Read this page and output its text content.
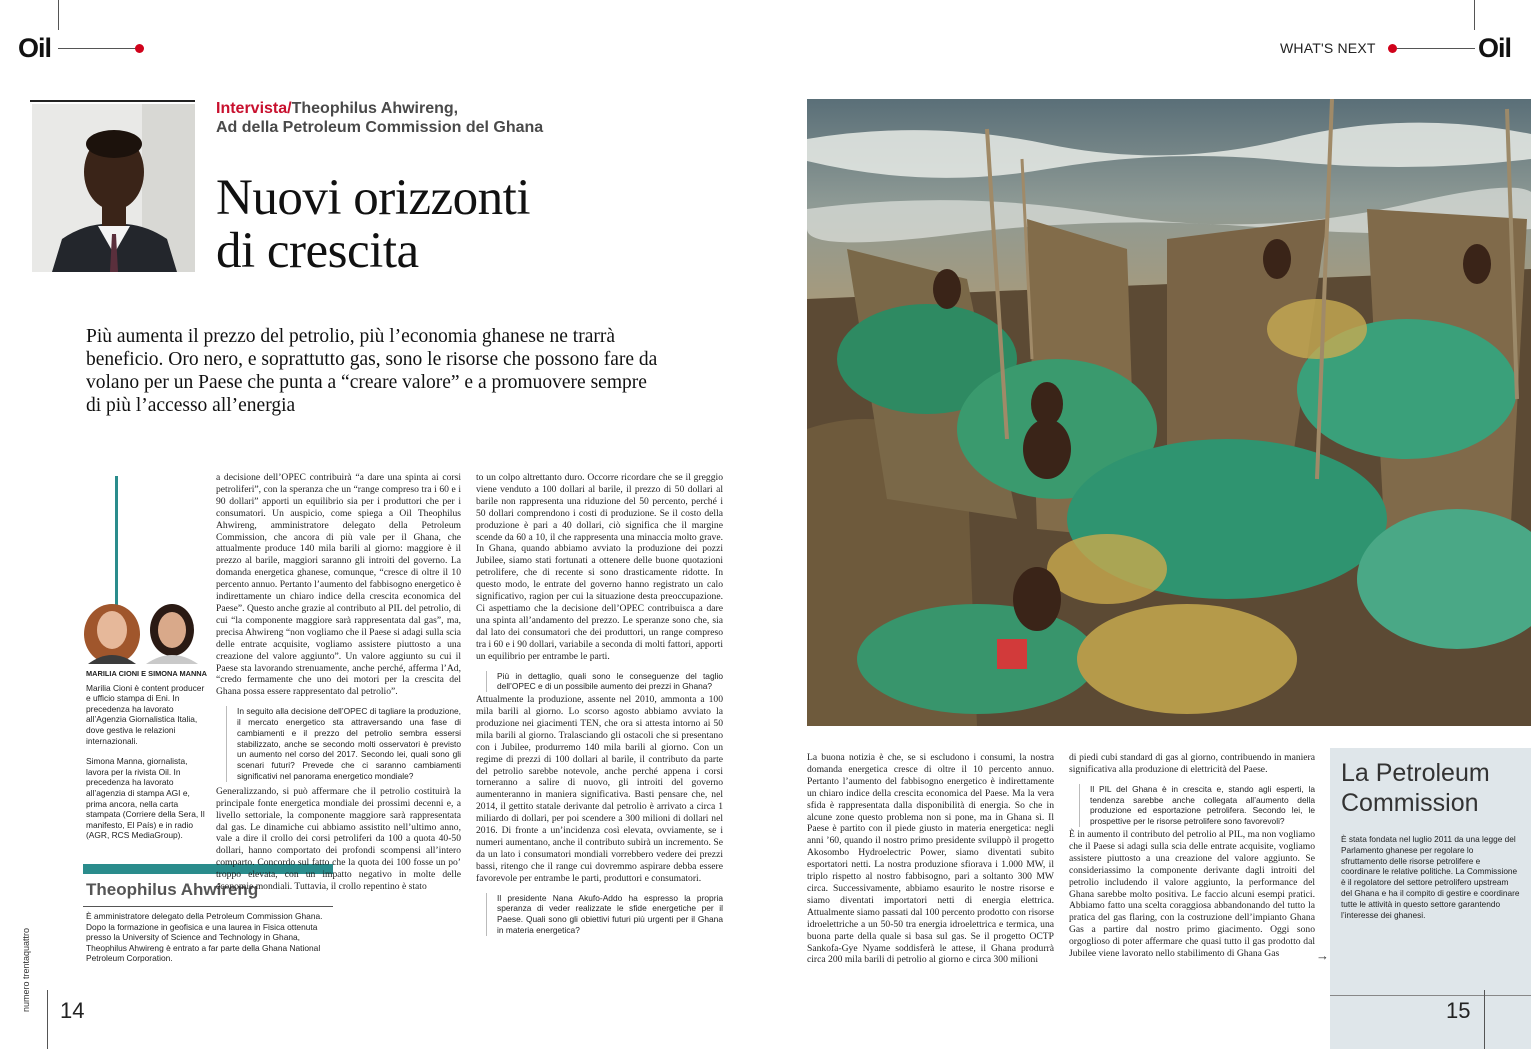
Oil	WHAT'S NEXT	Oil
Intervista/Theophilus Ahwireng,
Ad della Petroleum Commission del Ghana
Nuovi orizzonti
di crescita
Più aumenta il prezzo del petrolio, più l’economia ghanese ne trarrà beneficio. Oro nero, e soprattutto gas, sono le risorse che possono fare da volano per un Paese che punta a “creare valore” e a promuovere sempre di più l’accesso all’energia
MARILIA CIONI E SIMONA MANNA

Marilia Cioni è content producer e ufficio stampa di Eni. In precedenza ha lavorato all’Agenzia Giornalistica Italia, dove gestiva le relazioni internazionali.

Simona Manna, giornalista, lavora per la rivista Oil. In precedenza ha lavorato all’agenzia di stampa AGI e, prima ancora, nella carta stampata (Corriere della Sera, Il manifesto, El País) e in radio (AGR, RCS MediaGroup).

Theophilus Ahwireng
È amministratore delegato della Petroleum Commission Ghana. Dopo la formazione in geofisica e una laurea in Fisica ottenuta presso la University of Science and Technology in Ghana, Theophilus Ahwireng è entrato a far parte della Ghana National Petroleum Corporation.
numero trentaquattro 14

a decisione dell’OPEC contribuirà “a dare una spinta ai corsi petroliferi”, con la speranza che un “range compreso tra i 60 e i 90 dollari” apporti un equilibrio sia per i produttori che per i consumatori. Un auspicio, come spiega a Oil Theophilus Ahwireng, amministratore delegato della Petroleum Commission, che ancora di più vale per il Ghana, che attualmente produce 140 mila barili al giorno: maggiore è il prezzo al barile, maggiori saranno gli introiti del governo. La domanda energetica ghanese, comunque, “cresce di oltre il 10 percento annuo. Pertanto l’aumento del fabbisogno energetico è indirettamente un chiaro indice della crescita economica del Paese”. Questo anche grazie al contributo al PIL del petrolio, di cui “la componente maggiore sarà rappresentata dal gas”, ma, precisa Ahwireng “non vogliamo che il Paese si adagi sulla scia delle entrate acquisite, vogliamo assistere piuttosto a una creazione del valore aggiunto”. Un valore aggiunto su cui il Paese sta lavorando strenuamente, anche perché, afferma l’Ad, “credo fermamente che uno dei motori per la crescita del Ghana possa essere rappresentato dal petrolio”.

In seguito alla decisione dell’OPEC di tagliare la produzione, il mercato energetico sta attraversando una fase di cambiamenti e il prezzo del petrolio sembra essersi stabilizzato, anche se secondo molti osservatori è previsto un aumento nel corso del 2017. Secondo lei, quali sono gli scenari futuri? Prevede che ci saranno cambiamenti significativi nel panorama energetico mondiale?

Generalizzando, si può affermare che il petrolio costituirà la principale fonte energetica mondiale dei prossimi decenni e, a livello settoriale, la componente maggiore sarà rappresentata dal gas. Le dinamiche cui abbiamo assistito nell’ultimo anno, vale a dire il crollo dei corsi petroliferi da 100 a quota 40-50 dollari, hanno comportato dei profondi scompensi all’intero comparto. Concordo sul fatto che la quota dei 100 fosse un po’ troppo elevata, con un impatto negativo in molte delle economie mondiali. Tuttavia, il crollo repentino è stato

to un colpo altrettanto duro. Occorre ricordare che se il greggio viene venduto a 100 dollari al barile, il prezzo di 50 dollari al barile non rappresenta una riduzione del 50 percento, perché i 50 dollari comprendono i costi di produzione. Se il costo della produzione è pari a 40 dollari, ciò significa che il margine scende da 60 a 10, il che rappresenta una minaccia molto grave. In Ghana, quando abbiamo avviato la produzione dei pozzi Jubilee, siamo stati fortunati a ottenere delle buone quotazioni petrolifere, che di recente si sono drasticamente ridotte. In questo modo, le entrate del governo hanno registrato un calo significativo, ragion per cui la situazione desta preoccupazione. Ci aspettiamo che la decisione dell’OPEC contribuisca a dare una spinta all’andamento del prezzo. Le speranze sono che, sia dal lato dei consumatori che dei produttori, un range compreso tra i 60 e i 90 dollari, variabile a seconda di molti fattori, apporti un equilibrio per entrambe le parti.

Più in dettaglio, quali sono le conseguenze del taglio dell’OPEC e di un possibile aumento dei prezzi in Ghana?

Attualmente la produzione, assente nel 2010, ammonta a 100 mila barili al giorno. Lo scorso agosto abbiamo avviato la produzione nei giacimenti TEN, che ora si attesta intorno ai 50 mila barili al giorno. Tralasciando gli ostacoli che si presentano con i Jubilee, produrremo 140 mila barili al giorno. Con un regime di prezzi di 100 dollari al barile, il contributo da parte del petrolio sarebbe notevole, anche perché appena i corsi torneranno a salire di nuovo, gli introiti del governo aumenteranno in maniera significativa. Basti pensare che, nel 2014, il gettito statale derivante dal petrolio è arrivato a circa 1 miliardo di dollari, per poi scendere a 300 milioni di dollari nel 2016. Di fronte a un’incidenza così elevata, ovviamente, se i numeri aumentano, anche il contributo subirà un incremento. Se da un lato i consumatori mondiali vorrebbero vedere dei prezzi bassi, ritengo che il range cui dovremmo aspirare debba essere favorevole per entrambe le parti, produttori e consumatori.

Il presidente Nana Akufo-Addo ha espresso la propria speranza di veder realizzate le sfide energetiche per il Paese. Quali sono gli obiettivi futuri più urgenti per il Ghana in materia energetica?

La buona notizia è che, se si escludono i consumi, la nostra domanda energetica cresce di oltre il 10 percento annuo. Pertanto l’aumento del fabbisogno energetico è indirettamente un chiaro indice della crescita economica del Paese. Ma la vera sfida è rappresentata dalla disponibilità di energia. So che in alcune zone questo problema non si pone, ma in Ghana sì. Il Paese è partito con il piede giusto in materia energetica: negli anni ’60, quando il nostro primo presidente sviluppò il progetto Akosombo Hydroelectric Power, siamo diventati subito esportatori netti. La nostra produzione sfiorava i 1.000 MW, il triplo rispetto al nostro fabbisogno, pari a soltanto 300 MW circa. Successivamente, abbiamo esaurito le nostre risorse e siamo diventati importatori netti di energia elettrica. Attualmente siamo passati dal 100 percento prodotto con risorse idroelettriche a un 50-50 tra energia idroelettrica e termica, una buona parte della quale si basa sul gas. Se il progetto OCTP Sankofa-Gye Nyame soddisferà le attese, il Ghana produrrà circa 200 mila barili di petrolio al giorno e circa 300 milioni

di piedi cubi standard di gas al giorno, contribuendo in maniera significativa alla produzione di elettricità del Paese.

Il PIL del Ghana è in crescita e, stando agli esperti, la tendenza sarebbe anche collegata all’aumento della produzione ed esportazione petrolifera. Secondo lei, le prospettive per le risorse petrolifere sono favorevoli?

È in aumento il contributo del petrolio al PIL, ma non vogliamo che il Paese si adagi sulla scia delle entrate acquisite, vogliamo assistere piuttosto a una creazione del valore aggiunto. Se consideriassimo la componente derivante dagli introiti del petrolio includendo il valore aggiunto, la performance del Ghana sarebbe molto positiva. Le faccio alcuni esempi pratici. Abbiamo fatto una scelta coraggiosa abbandonando del tutto la pratica del gas flaring, con la costruzione dell’impianto Ghana Gas a partire dal nostro primo giacimento. Oggi sono orgoglioso di poter affermare che quasi tutto il gas prodotto dal Jubilee viene lavorato nello stabilimento di Ghana Gas	→
La Petroleum
Commission
È stata fondata nel luglio 2011 da una legge del Parlamento ghanese per regolare lo sfruttamento delle risorse petrolifere e coordinare le relative politiche. La Commissione è il regolatore del settore petrolifero upstream del Ghana e ha il compito di gestire e coordinare tutte le attività in questo settore garantendo l’interesse dei ghanesi.
15
